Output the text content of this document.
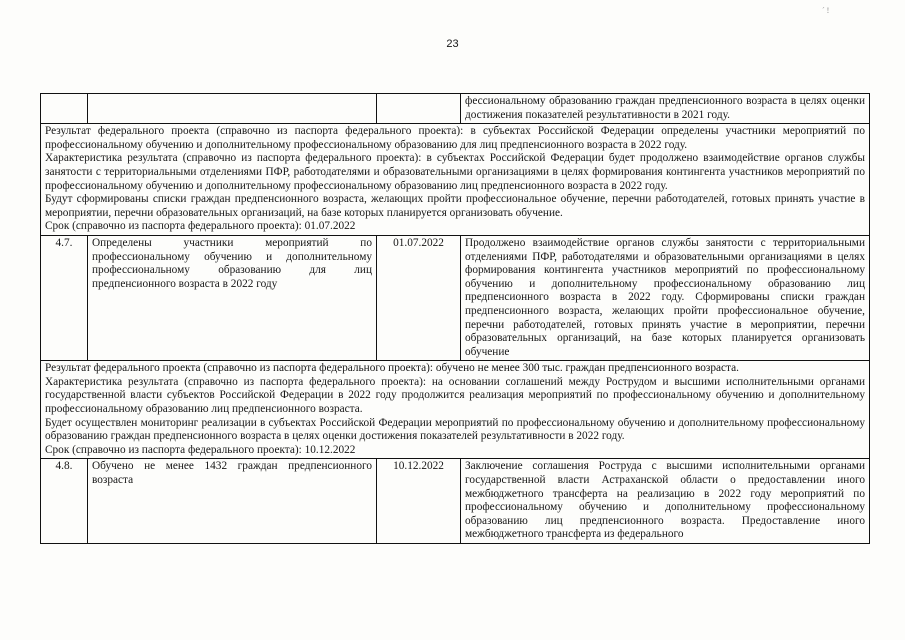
23
´ !
			фессиональному образованию граждан предпенсионного возраста в целях оценки достижения показателей результативности в 2021 году.

Результат федерального проекта (справочно из паспорта федерального проекта): в субъектах Российской Федерации определены участники мероприятий по профессиональному обучению и дополнительному профессиональному образованию для лиц предпенсионного возраста в 2022 году.
Характеристика результата (справочно из паспорта федерального проекта): в субъектах Российской Федерации будет продолжено взаимодействие органов службы занятости с территориальными отделениями ПФР, работодателями и образовательными организациями в целях формирования контингента участников мероприятий по профессиональному обучению и дополнительному профессиональному образованию лиц предпенсионного возраста в 2022 году.
Будут сформированы списки граждан предпенсионного возраста, желающих пройти профессиональное обучение, перечни работодателей, готовых принять участие в мероприятии, перечни образовательных организаций, на базе которых планируется организовать обучение.
Срок (справочно из паспорта федерального проекта): 01.07.2022			

4.7.	Определены участники мероприятий по профессиональному обучению и дополнительному профессиональному образованию для лиц предпенсионного возраста в 2022 году	01.07.2022	Продолжено взаимодействие органов службы занятости с территориальными отделениями ПФР, работодателями и образовательными организациями в целях формирования контингента участников мероприятий по профессиональному обучению и дополнительному профессиональному образованию лиц предпенсионного возраста в 2022 году. Сформированы списки граждан предпенсионного возраста, желающих пройти профессиональное обучение, перечни работодателей, готовых принять участие в мероприятии, перечни образовательных организаций, на базе которых планируется организовать обучение

Результат федерального проекта (справочно из паспорта федерального проекта): обучено не менее 300 тыс. граждан предпенсионного возраста.
Характеристика результата (справочно из паспорта федерального проекта): на основании соглашений между Рострудом и высшими исполнительными органами государственной власти субъектов Российской Федерации в 2022 году продолжится реализация мероприятий по профессиональному обучению и дополнительному профессиональному образованию лиц предпенсионного возраста.
Будет осуществлен мониторинг реализации в субъектах Российской Федерации мероприятий по профессиональному обучению и дополнительному профессиональному образованию граждан предпенсионного возраста в целях оценки достижения показателей результативности в 2022 году.
Срок (справочно из паспорта федерального проекта): 10.12.2022			

4.8.	Обучено не менее 1432 граждан предпенсионного возраста	10.12.2022	Заключение соглашения Роструда с высшими исполнительными органами государственной власти Астраханской области о предоставлении иного межбюджетного трансферта на реализацию в 2022 году мероприятий по профессиональному обучению и дополнительному профессиональному образованию лиц предпенсионного возраста. Предоставление иного межбюджетного трансферта из федерального
